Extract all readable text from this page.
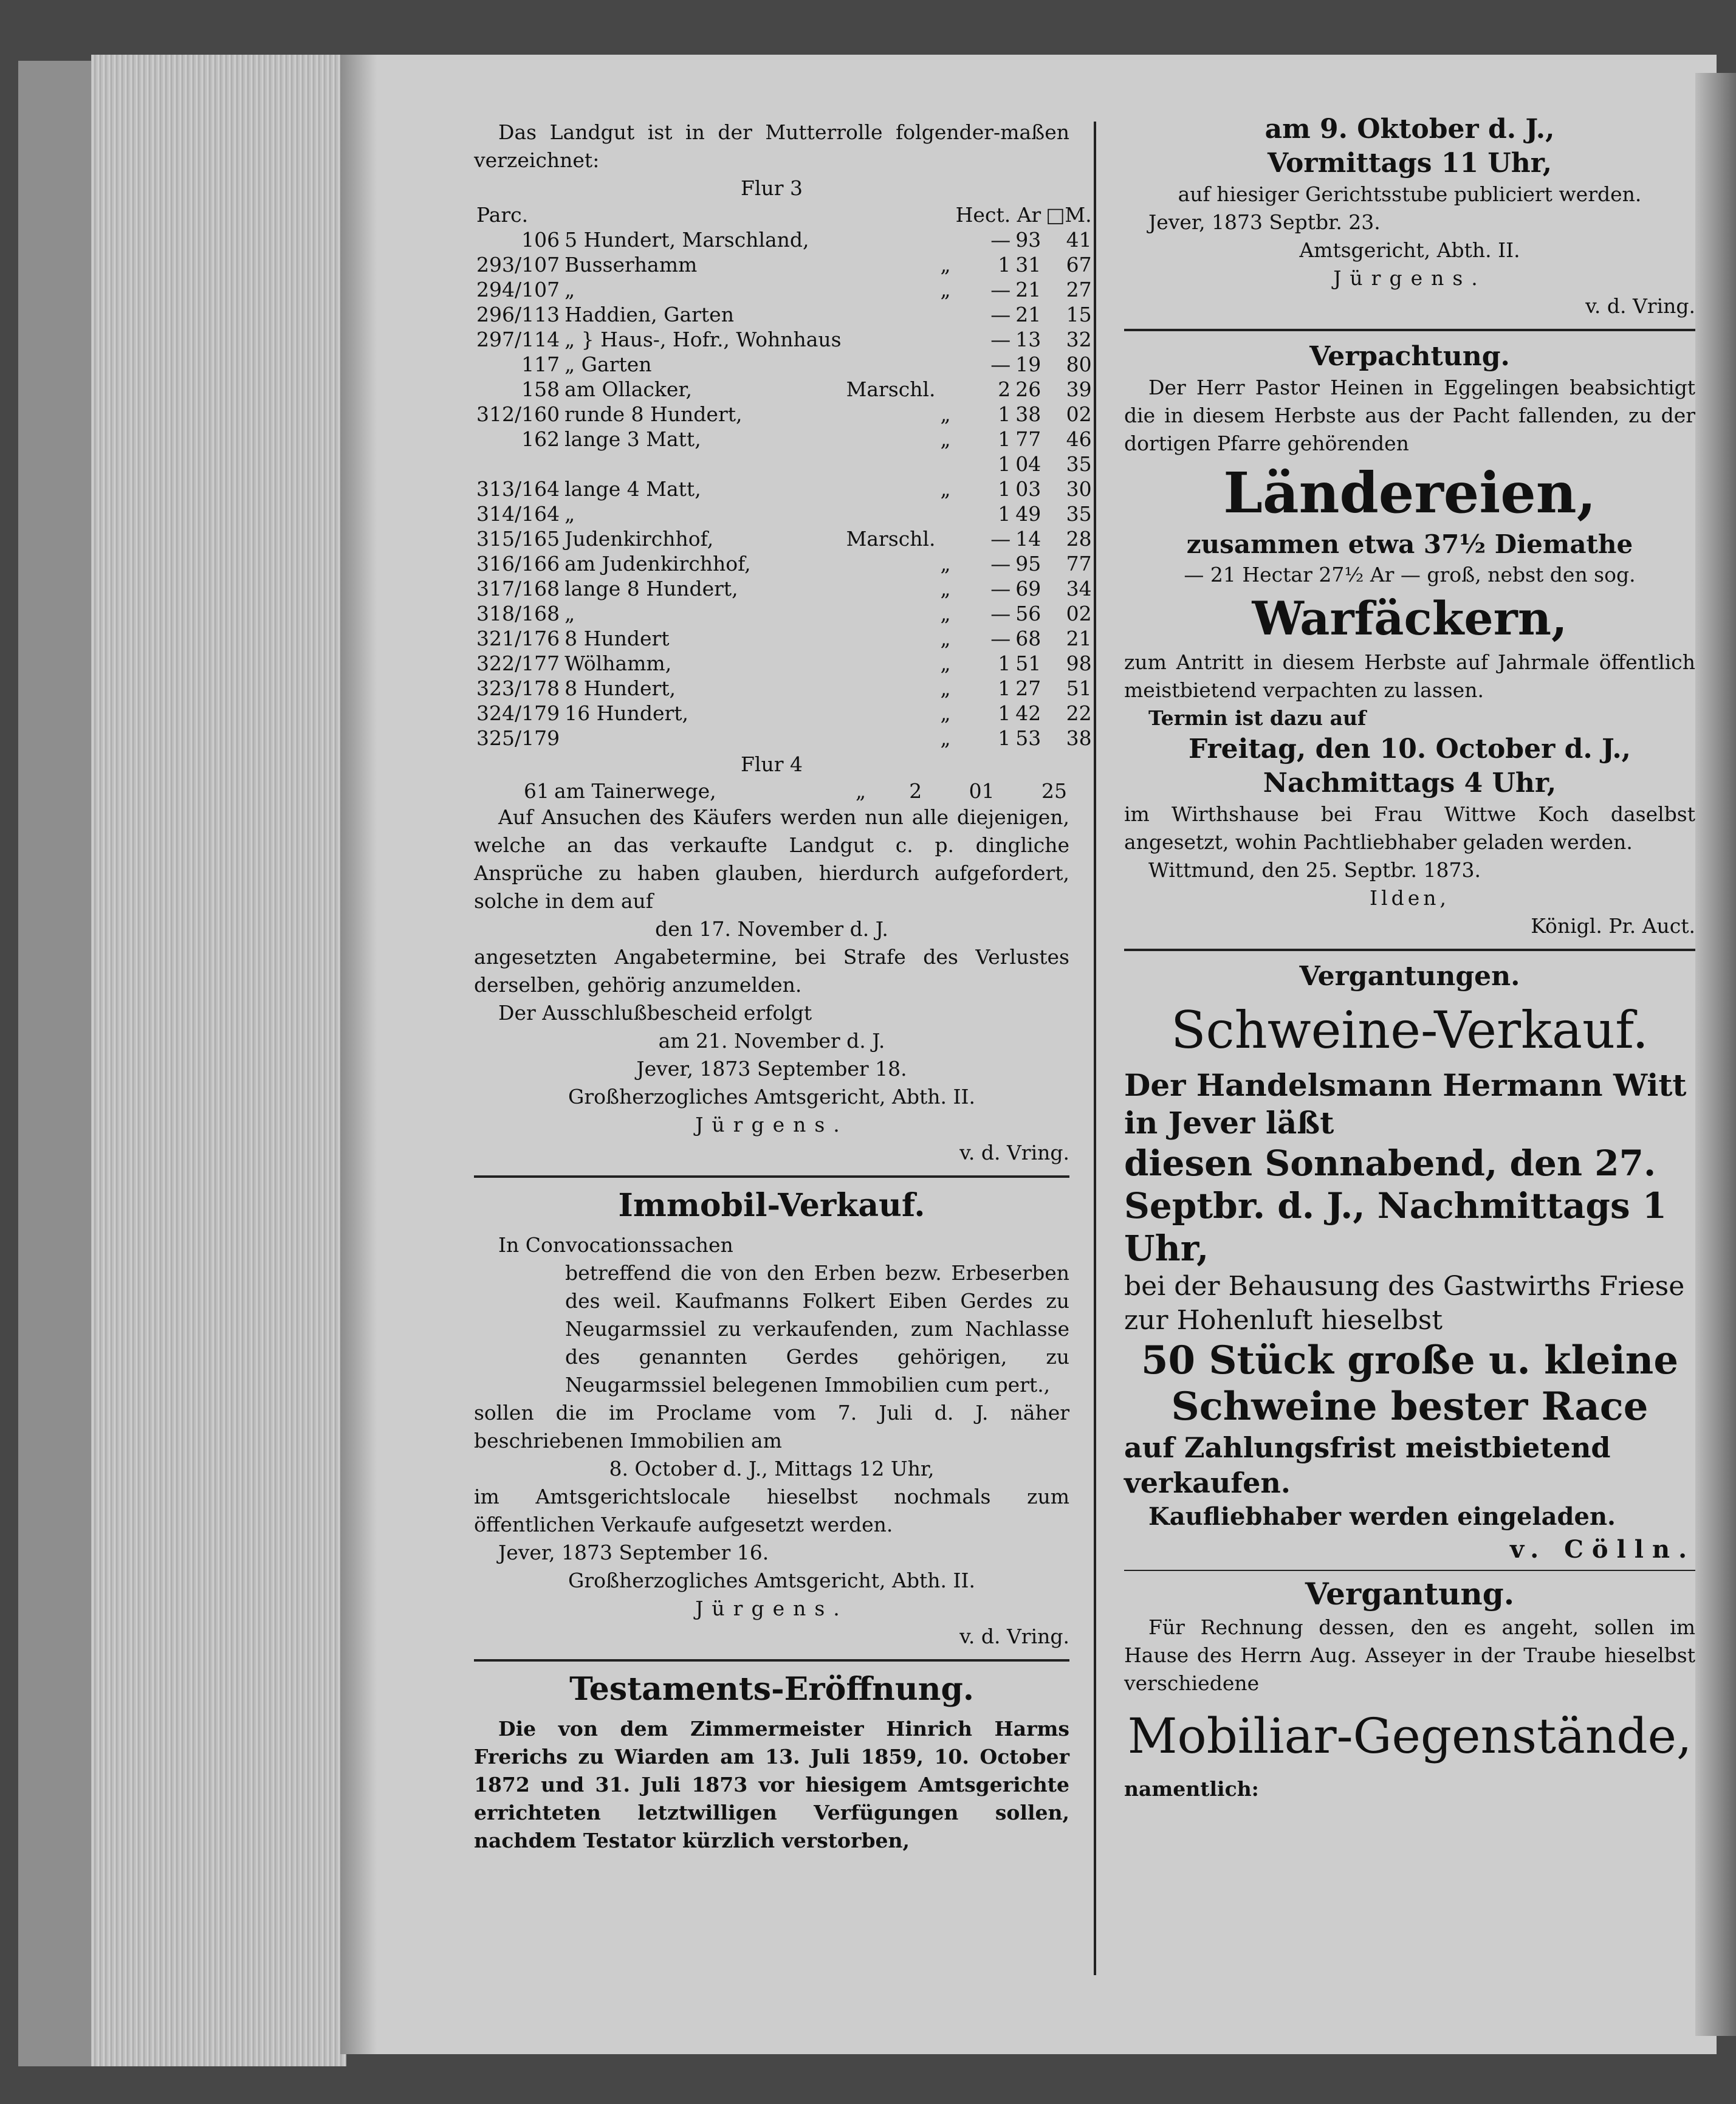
Das Landgut ist in der Mutterrolle folgender-maßen verzeichnet:

Flur 3

Parc.				Hect.	Ar	□M.
106	5 Hundert, Marschland,			—	93	41
293/107	Busserhamm		„	1	31	67
294/107	„		„	—	21	27
296/113	Haddien, Garten			—	21	15
297/114	„ } Haus-, Hofr., Wohnhaus			—	13	32
117	„ Garten			—	19	80
158	am Ollacker,	Marschl.		2	26	39
312/160	runde 8 Hundert,		„	1	38	02
162	lange 3 Matt,		„	1	77	46
				1	04	35
313/164	lange 4 Matt,		„	1	03	30
314/164	„			1	49	35
315/165	Judenkirchhof,	Marschl.		—	14	28
316/166	am Judenkirchhof,		„	—	95	77
317/168	lange 8 Hundert,		„	—	69	34
318/168	„		„	—	56	02
321/176	8 Hundert		„	—	68	21
322/177	Wölhamm,		„	1	51	98
323/178	8 Hundert,		„	1	27	51
324/179	16 Hundert,		„	1	42	22
325/179			„	1	53	38

Flur 4

61	am Tainerwege,		„	2	01	25

Auf Ansuchen des Käufers werden nun alle diejenigen, welche an das verkaufte Landgut c. p. dingliche Ansprüche zu haben glauben, hierdurch aufgefordert, solche in dem auf

den 17. November d. J.

angesetzten Angabetermine, bei Strafe des Verlustes derselben, gehörig anzumelden.

Der Ausschlußbescheid erfolgt

am 21. November d. J.

Jever, 1873 September 18.

Großherzogliches Amtsgericht, Abth. II.

Jürgens.

v. d. Vring.

Immobil-Verkauf.

In Convocationssachen

betreffend die von den Erben bezw. Erbeserben des weil. Kaufmanns Folkert Eiben Gerdes zu Neugarmssiel zu verkaufenden, zum Nachlasse des genannten Gerdes gehörigen, zu Neugarmssiel belegenen Immobilien cum pert.,

sollen die im Proclame vom 7. Juli d. J. näher beschriebenen Immobilien am

8. October d. J., Mittags 12 Uhr,

im Amtsgerichtslocale hieselbst nochmals zum öffentlichen Verkaufe aufgesetzt werden.

Jever, 1873 September 16.

Großherzogliches Amtsgericht, Abth. II.

Jürgens.

v. d. Vring.

Testaments-Eröffnung.

Die von dem Zimmermeister Hinrich Harms Frerichs zu Wiarden am 13. Juli 1859, 10. October 1872 und 31. Juli 1873 vor hiesigem Amtsgerichte errichteten letztwilligen Verfügungen sollen, nachdem Testator kürzlich verstorben,

am 9. Oktober d. J.,

Vormittags 11 Uhr,

auf hiesiger Gerichtsstube publiciert werden.

Jever, 1873 Septbr. 23.

Amtsgericht, Abth. II.

Jürgens.

v. d. Vring.

Verpachtung.

Der Herr Pastor Heinen in Eggelingen beabsichtigt die in diesem Herbste aus der Pacht fallenden, zu der dortigen Pfarre gehörenden

Ländereien,

zusammen etwa 37½ Diemathe

— 21 Hectar 27½ Ar — groß, nebst den sog.

Warfäckern,

zum Antritt in diesem Herbste auf Jahrmale öffentlich meistbietend verpachten zu lassen.

Termin ist dazu auf

Freitag, den 10. October d. J.,

Nachmittags 4 Uhr,

im Wirthshause bei Frau Wittwe Koch daselbst angesetzt, wohin Pachtliebhaber geladen werden.

Wittmund, den 25. Septbr. 1873.

Ilden,

Königl. Pr. Auct.

Vergantungen.

Schweine-Verkauf.

Der Handelsmann Hermann Witt in Jever läßt

diesen Sonnabend, den 27. Septbr. d. J., Nachmittags 1 Uhr,

bei der Behausung des Gastwirths Friese zur Hohenluft hieselbst

50 Stück große u. kleine Schweine bester Race

auf Zahlungsfrist meistbietend verkaufen.

Kaufliebhaber werden eingeladen.

v. Cölln.

Vergantung.

Für Rechnung dessen, den es angeht, sollen im Hause des Herrn Aug. Asseyer in der Traube hieselbst verschiedene

Mobiliar-Gegenstände,

namentlich:
